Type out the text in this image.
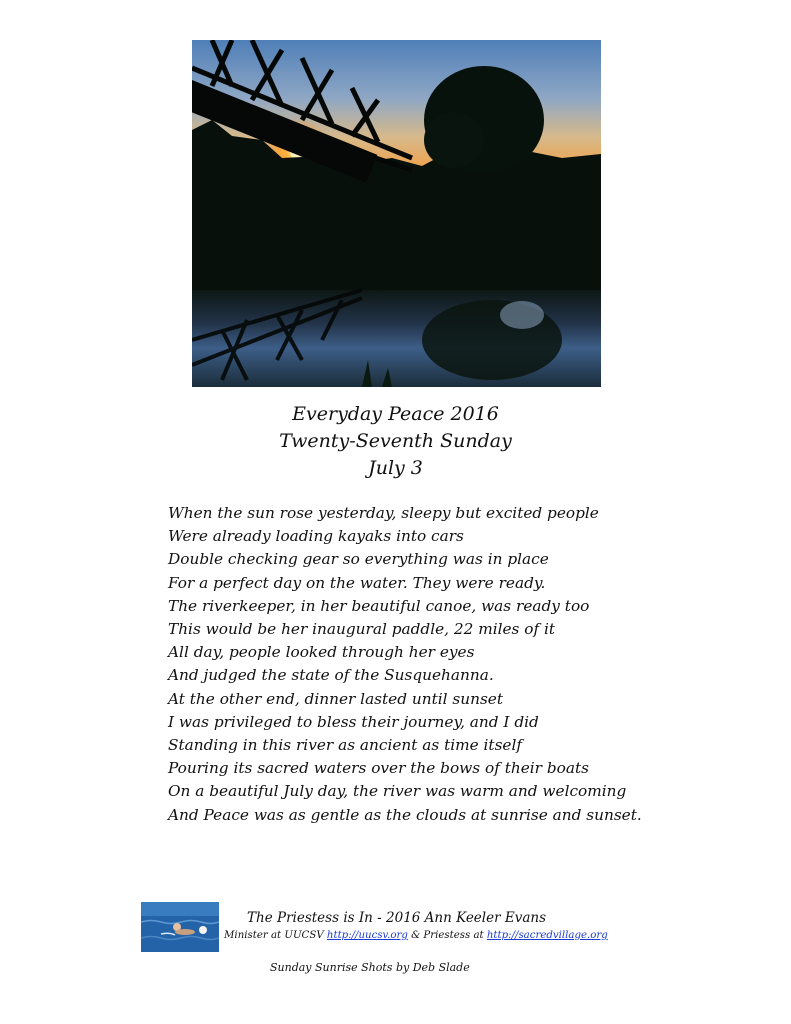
Everyday Peace 2016
Twenty-Seventh Sunday
July 3
When the sun rose yesterday, sleepy but excited people
Were already loading kayaks into cars
Double checking gear so everything was in place
For a perfect day on the water. They were ready.
The riverkeeper, in her beautiful canoe, was ready too
This would be her inaugural paddle, 22 miles of it
All day, people looked through her eyes
And judged the state of the Susquehanna.
At the other end, dinner lasted until sunset
I was privileged to bless their journey, and I did
Standing in this river as ancient as time itself
Pouring its sacred waters over the bows of their boats
On a beautiful July day, the river was warm and welcoming
And Peace was as gentle as the clouds at sunrise and sunset.
The Priestess is In - 2016 Ann Keeler Evans
Minister at UUCSV http://uucsv.org & Priestess at http://sacredvillage.org
Sunday Sunrise Shots by Deb Slade
